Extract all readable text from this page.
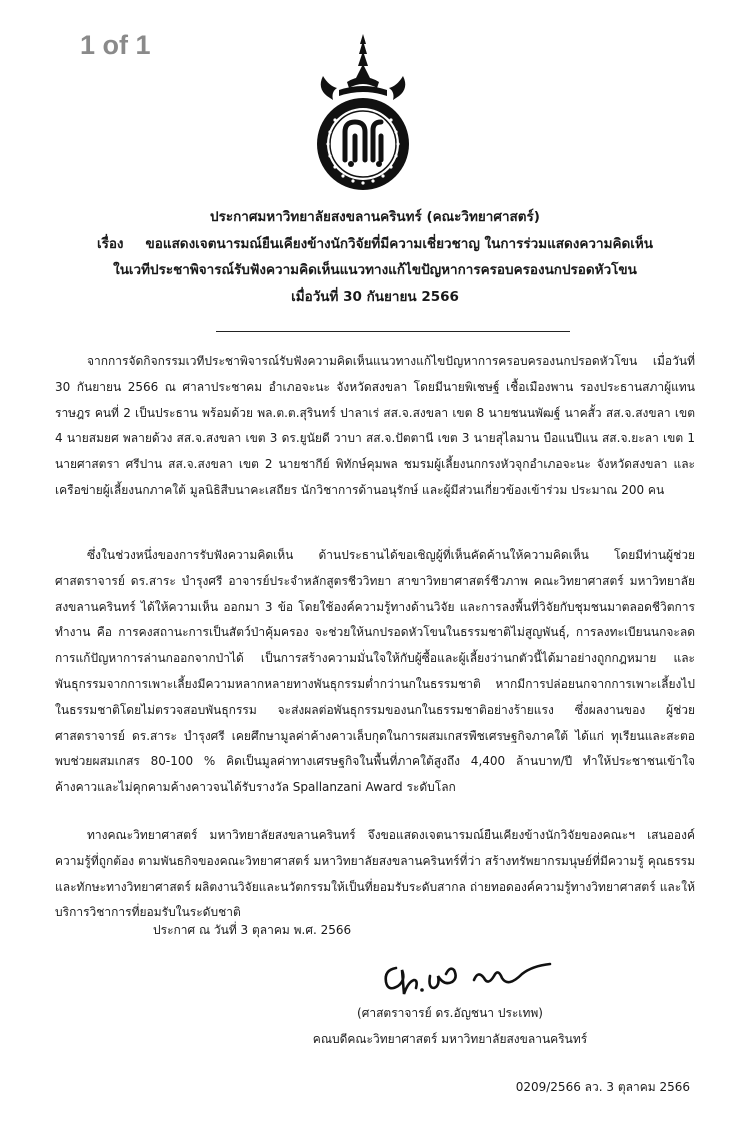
1 of 1
ประกาศมหาวิทยาลัยสงขลานครินทร์ (คณะวิทยาศาสตร์)
เรื่อง ขอแสดงเจตนารมณ์ยืนเคียงข้างนักวิจัยที่มีความเชี่ยวชาญ ในการร่วมแสดงความคิดเห็น
ในเวทีประชาพิจารณ์รับฟังความคิดเห็นแนวทางแก้ไขปัญหาการครอบครองนกปรอดหัวโขน
เมื่อวันที่ 30 กันยายน 2566

จากการจัดกิจกรรมเวทีประชาพิจารณ์รับฟังความคิดเห็นแนวทางแก้ไขปัญหาการครอบครองนกปรอดหัวโขน เมื่อวันที่ 30 กันยายน 2566 ณ ศาลาประชาคม อำเภอจะนะ จังหวัดสงขลา โดยมีนายพิเชษฐ์ เชื้อเมืองพาน รองประธานสภาผู้แทนราษฎร คนที่ 2 เป็นประธาน พร้อมด้วย พล.ต.ต.สุรินทร์ ปาลาเร่ สส.จ.สงขลา เขต 8 นายชนนพัฒฐ์ นาคสั้ว สส.จ.สงขลา เขต 4 นายสมยศ พลายด้วง สส.จ.สงขลา เขต 3 ดร.ยูนัยดี วาบา สส.จ.ปัตตานี เขต 3 นายสุไลมาน บือแนปีแน สส.จ.ยะลา เขต 1 นายศาสตรา ศรีปาน สส.จ.สงขลา เขต 2 นายชากีย์ พิทักษ์คุมพล ชมรมผู้เลี้ยงนกกรงหัวจุกอำเภอจะนะ จังหวัดสงขลา และเครือข่ายผู้เลี้ยงนกภาคใต้ มูลนิธิสืบนาคะเสถียร นักวิชาการด้านอนุรักษ์ และผู้มีส่วนเกี่ยวข้องเข้าร่วม ประมาณ 200 คน

ซึ่งในช่วงหนึ่งของการรับฟังความคิดเห็น ด้านประธานได้ขอเชิญผู้ที่เห็นคัดค้านให้ความคิดเห็น โดยมีท่านผู้ช่วยศาสตราจารย์ ดร.สาระ บำรุงศรี อาจารย์ประจำหลักสูตรชีววิทยา สาขาวิทยาศาสตร์ชีวภาพ คณะวิทยาศาสตร์ มหาวิทยาลัยสงขลานครินทร์ ได้ให้ความเห็น ออกมา 3 ข้อ โดยใช้องค์ความรู้ทางด้านวิจัย และการลงพื้นที่วิจัยกับชุมชนมาตลอดชีวิตการทำงาน คือ การคงสถานะการเป็นสัตว์ป่าคุ้มครอง จะช่วยให้นกปรอดหัวโขนในธรรมชาติไม่สูญพันธุ์, การลงทะเบียนนกจะลดการแก้ปัญหาการล่านกออกจากป่าได้ เป็นการสร้างความมั่นใจให้กับผู้ซื้อและผู้เลี้ยงว่านกตัวนี้ได้มาอย่างถูกกฎหมาย และ พันธุกรรมจากการเพาะเลี้ยงมีความหลากหลายทางพันธุกรรมต่ำกว่านกในธรรมชาติ หากมีการปล่อยนกจากการเพาะเลี้ยงไปในธรรมชาติโดยไม่ตรวจสอบพันธุกรรม จะส่งผลต่อพันธุกรรมของนกในธรรมชาติอย่างร้ายแรง ซึ่งผลงานของ ผู้ช่วยศาสตราจารย์ ดร.สาระ บำรุงศรี เคยศึกษามูลค่าค้างคาวเล็บกุดในการผสมเกสรพืชเศรษฐกิจภาคใต้ ได้แก่ ทุเรียนและสะตอ พบช่วยผสมเกสร 80-100 % คิดเป็นมูลค่าทางเศรษฐกิจในพื้นที่ภาคใต้สูงถึง 4,400 ล้านบาท/ปี ทำให้ประชาชนเข้าใจค้างคาวและไม่คุกคามค้างคาวจนได้รับรางวัล Spallanzani Award ระดับโลก

ทางคณะวิทยาศาสตร์ มหาวิทยาลัยสงขลานครินทร์ จึงขอแสดงเจตนารมณ์ยืนเคียงข้างนักวิจัยของคณะฯ เสนอองค์ความรู้ที่ถูกต้อง ตามพันธกิจของคณะวิทยาศาสตร์ มหาวิทยาลัยสงขลานครินทร์ที่ว่า สร้างทรัพยากรมนุษย์ที่มีความรู้ คุณธรรม และทักษะทางวิทยาศาสตร์ ผลิตงานวิจัยและนวัตกรรมให้เป็นที่ยอมรับระดับสากล ถ่ายทอดองค์ความรู้ทางวิทยาศาสตร์ และให้บริการวิชาการที่ยอมรับในระดับชาติ

ประกาศ ณ วันที่ 3 ตุลาคม พ.ศ. 2566
(ศาสตราจารย์ ดร.อัญชนา ประเทพ)
คณบดีคณะวิทยาศาสตร์ มหาวิทยาลัยสงขลานครินทร์
0209/2566 ลว. 3 ตุลาคม 2566
